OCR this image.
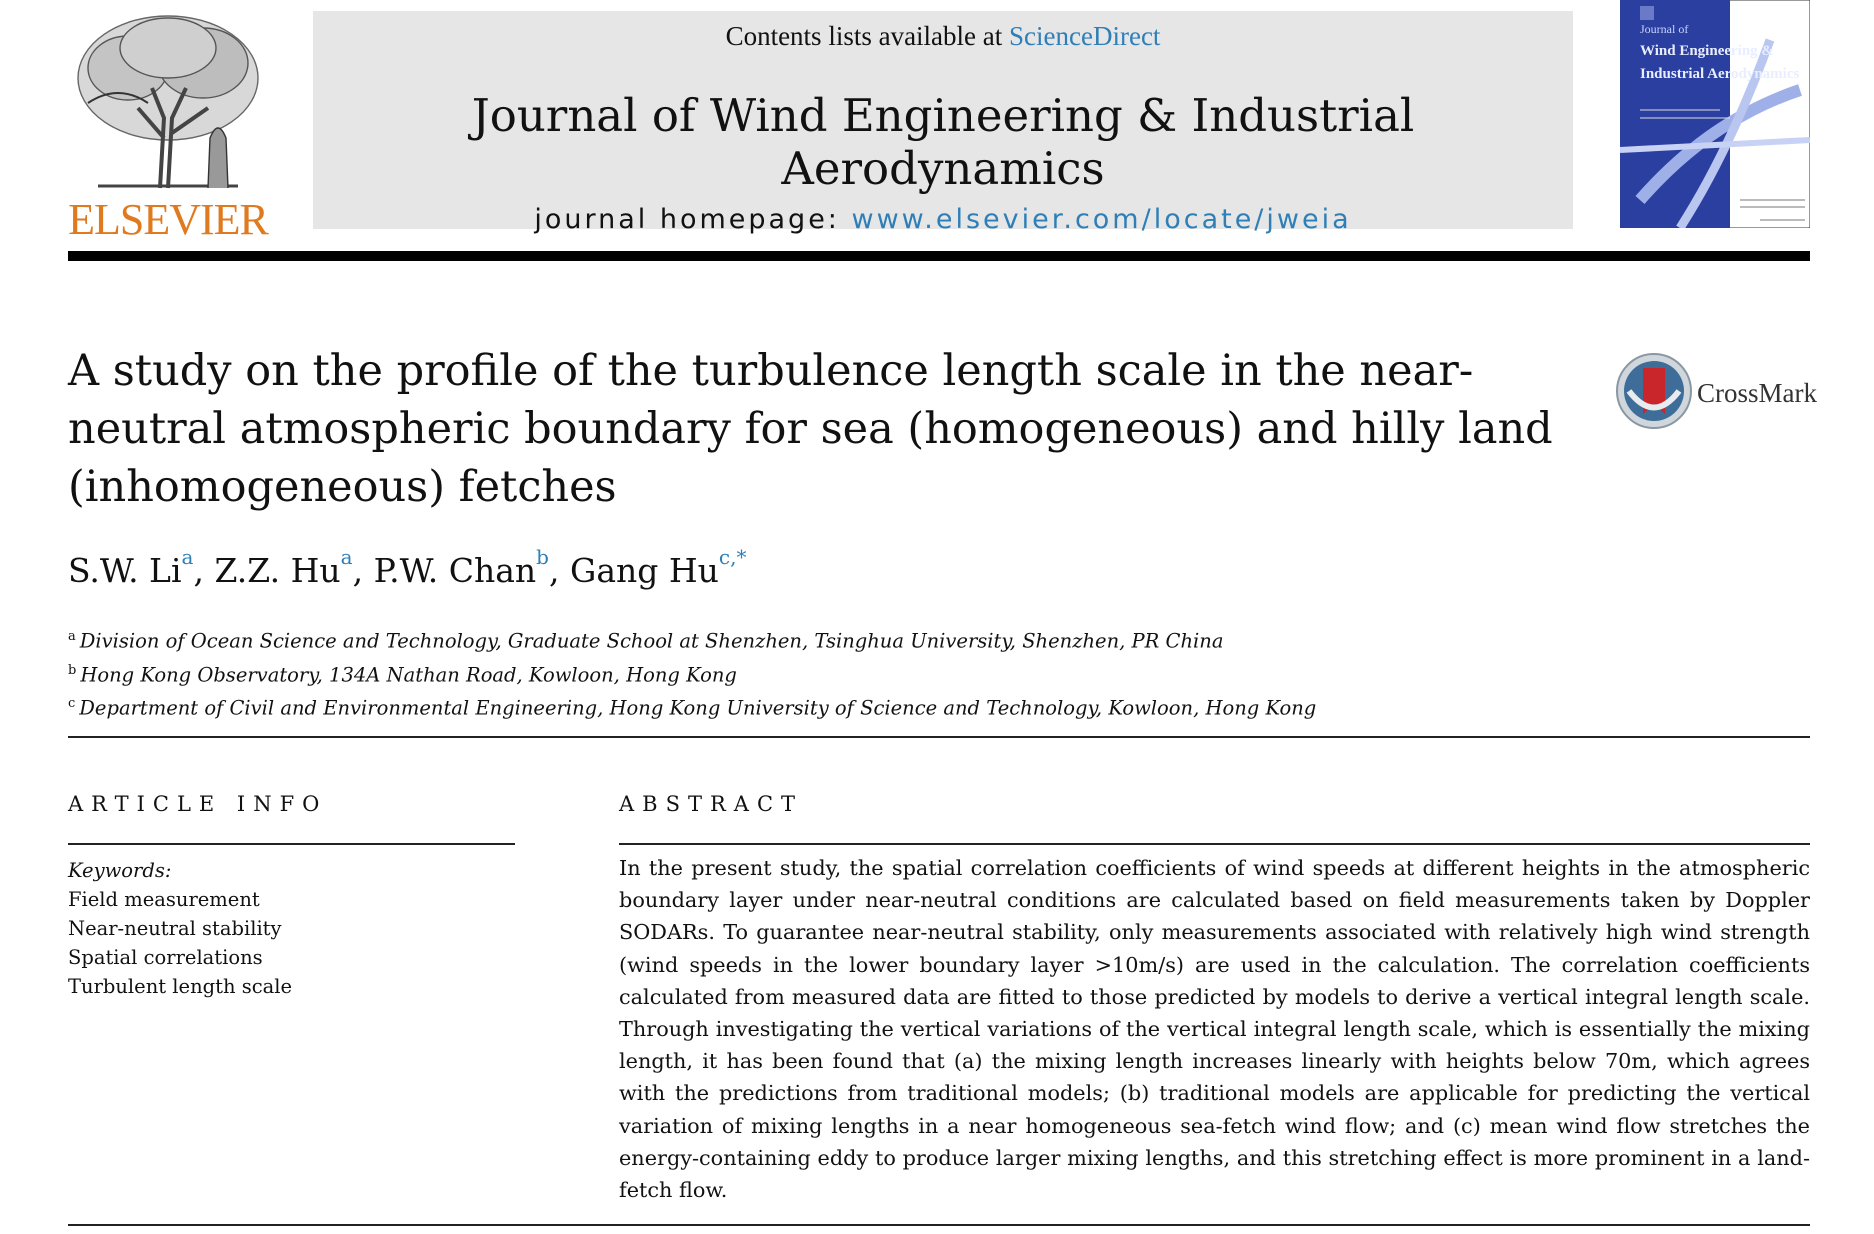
ELSEVIER
Contents lists available at ScienceDirect
Journal of Wind Engineering & Industrial Aerodynamics
journal homepage: www.elsevier.com/locate/jweia
Journal of
Wind Engineering &
Industrial Aerodynamics
A study on the profile of the turbulence length scale in the near-neutral atmospheric boundary for sea (homogeneous) and hilly land (inhomogeneous) fetches
CrossMark
S.W. Li$^a$, Z.Z. Hu$^a$, P.W. Chan$^b$, Gang $Hu^{c,*}$
$^a$ Division of Ocean Science and Technology, Graduate School at Shenzhen, Tsinghua University, Shenzhen, PR China
$^b$ Hong Kong Observatory, 134A Nathan Road, Kowloon, Hong Kong
$^c$ Department of Civil and Environmental Engineering, Hong Kong University of Science and Technology, Kowloon, Hong Kong
ARTICLE INFO
Keywords:
Field measurement
Near-neutral stability
Spatial correlations
Turbulent length scale
ABSTRACT
In the present study, the spatial correlation coefficients of wind speeds at different heights in the atmospheric boundary layer under near-neutral conditions are calculated based on field measurements taken by Doppler SODARs. To guarantee near-neutral stability, only measurements associated with relatively high wind strength (wind speeds in the lower boundary layer >10m/s) are used in the calculation. The correlation coefficients calculated from measured data are fitted to those predicted by models to derive a vertical integral length scale. Through investigating the vertical variations of the vertical integral length scale, which is essentially the mixing length, it has been found that (a) the mixing length increases linearly with heights below 70m, which agrees with the predictions from traditional models; (b) traditional models are applicable for predicting the vertical variation of mixing lengths in a near homogeneous sea-fetch wind flow; and (c) mean wind flow stretches the energy-containing eddy to produce larger mixing lengths, and this stretching effect is more prominent in a land-fetch flow.
